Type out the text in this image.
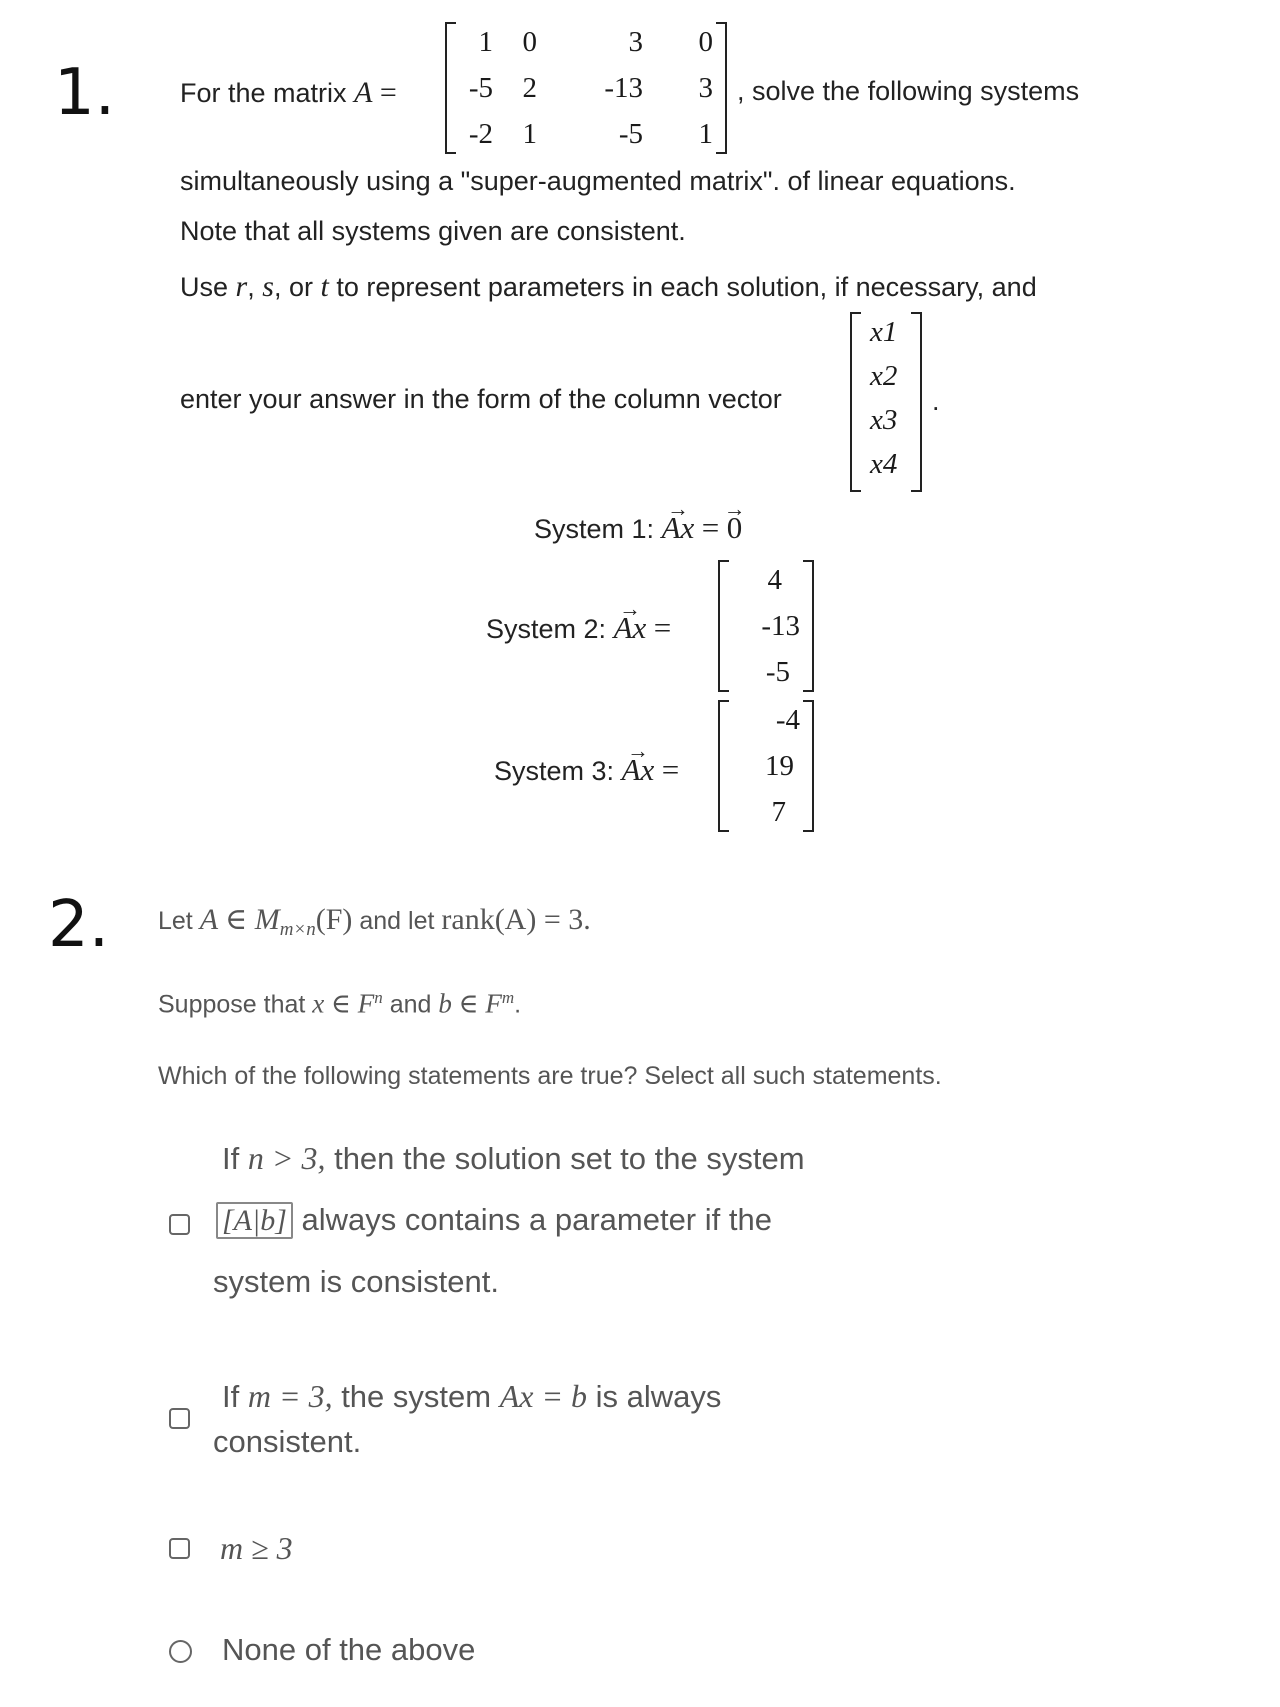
1. For the matrix A =
1 0	3 0
-5 2 -13 3
-2 1	-5 1
, solve the following systems
simultaneously using a "super-augmented matrix". of linear equations.
Note that all systems given are consistent.
Use r, s, or t to represent parameters in each solution, if necessary, and
enter your answer in the form of the column vector
x1
x2
x3
x4
.
System 1: → Ax = → 0
System 2: → Ax =
4
-13
-5
System 3: → Ax =
-4
19
7
2. Let A ∈ $M_{m\times n}(F)$ and let rank(A) = 3.
Suppose that x ∈ $F^n$ and b ∈ $F^m$.
Which of the following statements are true? Select all such statements.
If n > 3, then the solution set to the system
[A|b] always contains a parameter if the
system is consistent.
If m = 3, the system Ax = b is always
consistent.
m ≥ 3
None of the above
